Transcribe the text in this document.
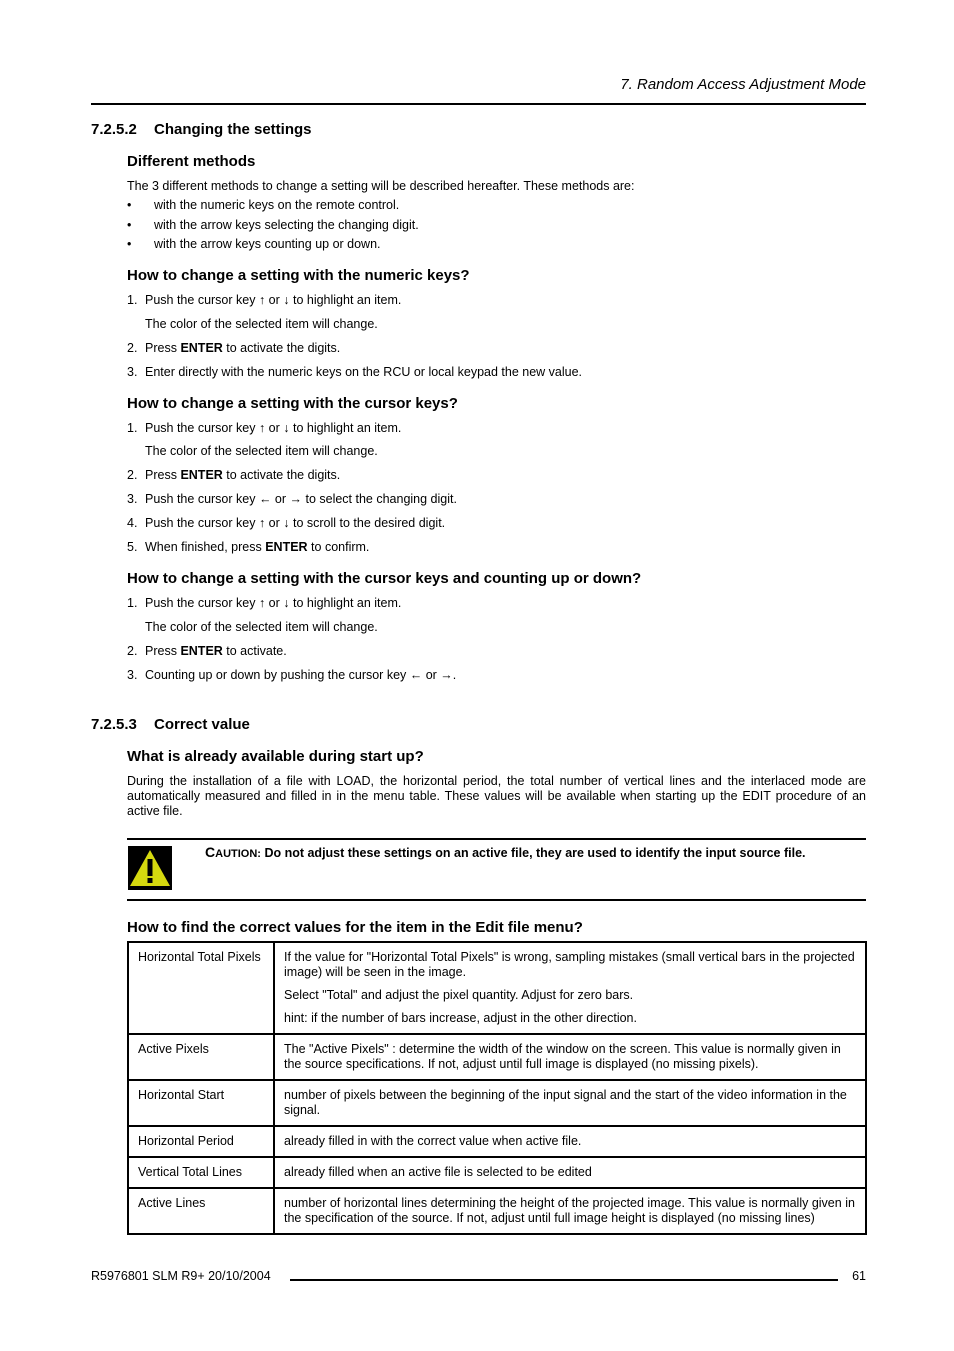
7. Random Access Adjustment Mode
7.2.5.2 Changing the settings
Different methods
The 3 different methods to change a setting will be described hereafter. These methods are:
• with the numeric keys on the remote control.
• with the arrow keys selecting the changing digit.
• with the arrow keys counting up or down.
How to change a setting with the numeric keys?
1. Push the cursor key ↑ or ↓ to highlight an item.
The color of the selected item will change.
2. Press ENTER to activate the digits.
3. Enter directly with the numeric keys on the RCU or local keypad the new value.
How to change a setting with the cursor keys?
1. Push the cursor key ↑ or ↓ to highlight an item.
The color of the selected item will change.
2. Press ENTER to activate the digits.
3. Push the cursor key ← or → to select the changing digit.
4. Push the cursor key ↑ or ↓ to scroll to the desired digit.
5. When finished, press ENTER to confirm.
How to change a setting with the cursor keys and counting up or down?
1. Push the cursor key ↑ or ↓ to highlight an item.
The color of the selected item will change.
2. Press ENTER to activate.
3. Counting up or down by pushing the cursor key ← or →.
7.2.5.3 Correct value
What is already available during start up?
During the installation of a file with LOAD, the horizontal period, the total number of vertical lines and the interlaced mode are automatically measured and filled in in the menu table. These values will be available when starting up the EDIT procedure of an active file.
CAUTION: Do not adjust these settings on an active file, they are used to identify the input source file.
How to find the correct values for the item in the Edit file menu?
Horizontal Total Pixels	If the value for "Horizontal Total Pixels" is wrong, sampling mistakes (small vertical bars in the projected image) will be seen in the image.

Select "Total" and adjust the pixel quantity. Adjust for zero bars.

hint: if the number of bars increase, adjust in the other direction.

Active Pixels	The "Active Pixels" : determine the width of the window on the screen. This value is normally given in the source specifications. If not, adjust until full image is displayed (no missing pixels).
Horizontal Start	number of pixels between the beginning of the input signal and the start of the video information in the signal.
Horizontal Period	already filled in with the correct value when active file.
Vertical Total Lines	already filled when an active file is selected to be edited
Active Lines	number of horizontal lines determining the height of the projected image. This value is normally given in the specification of the source. If not, adjust until full image height is displayed (no missing lines)
R5976801 SLM R9+ 20/10/2004	61
